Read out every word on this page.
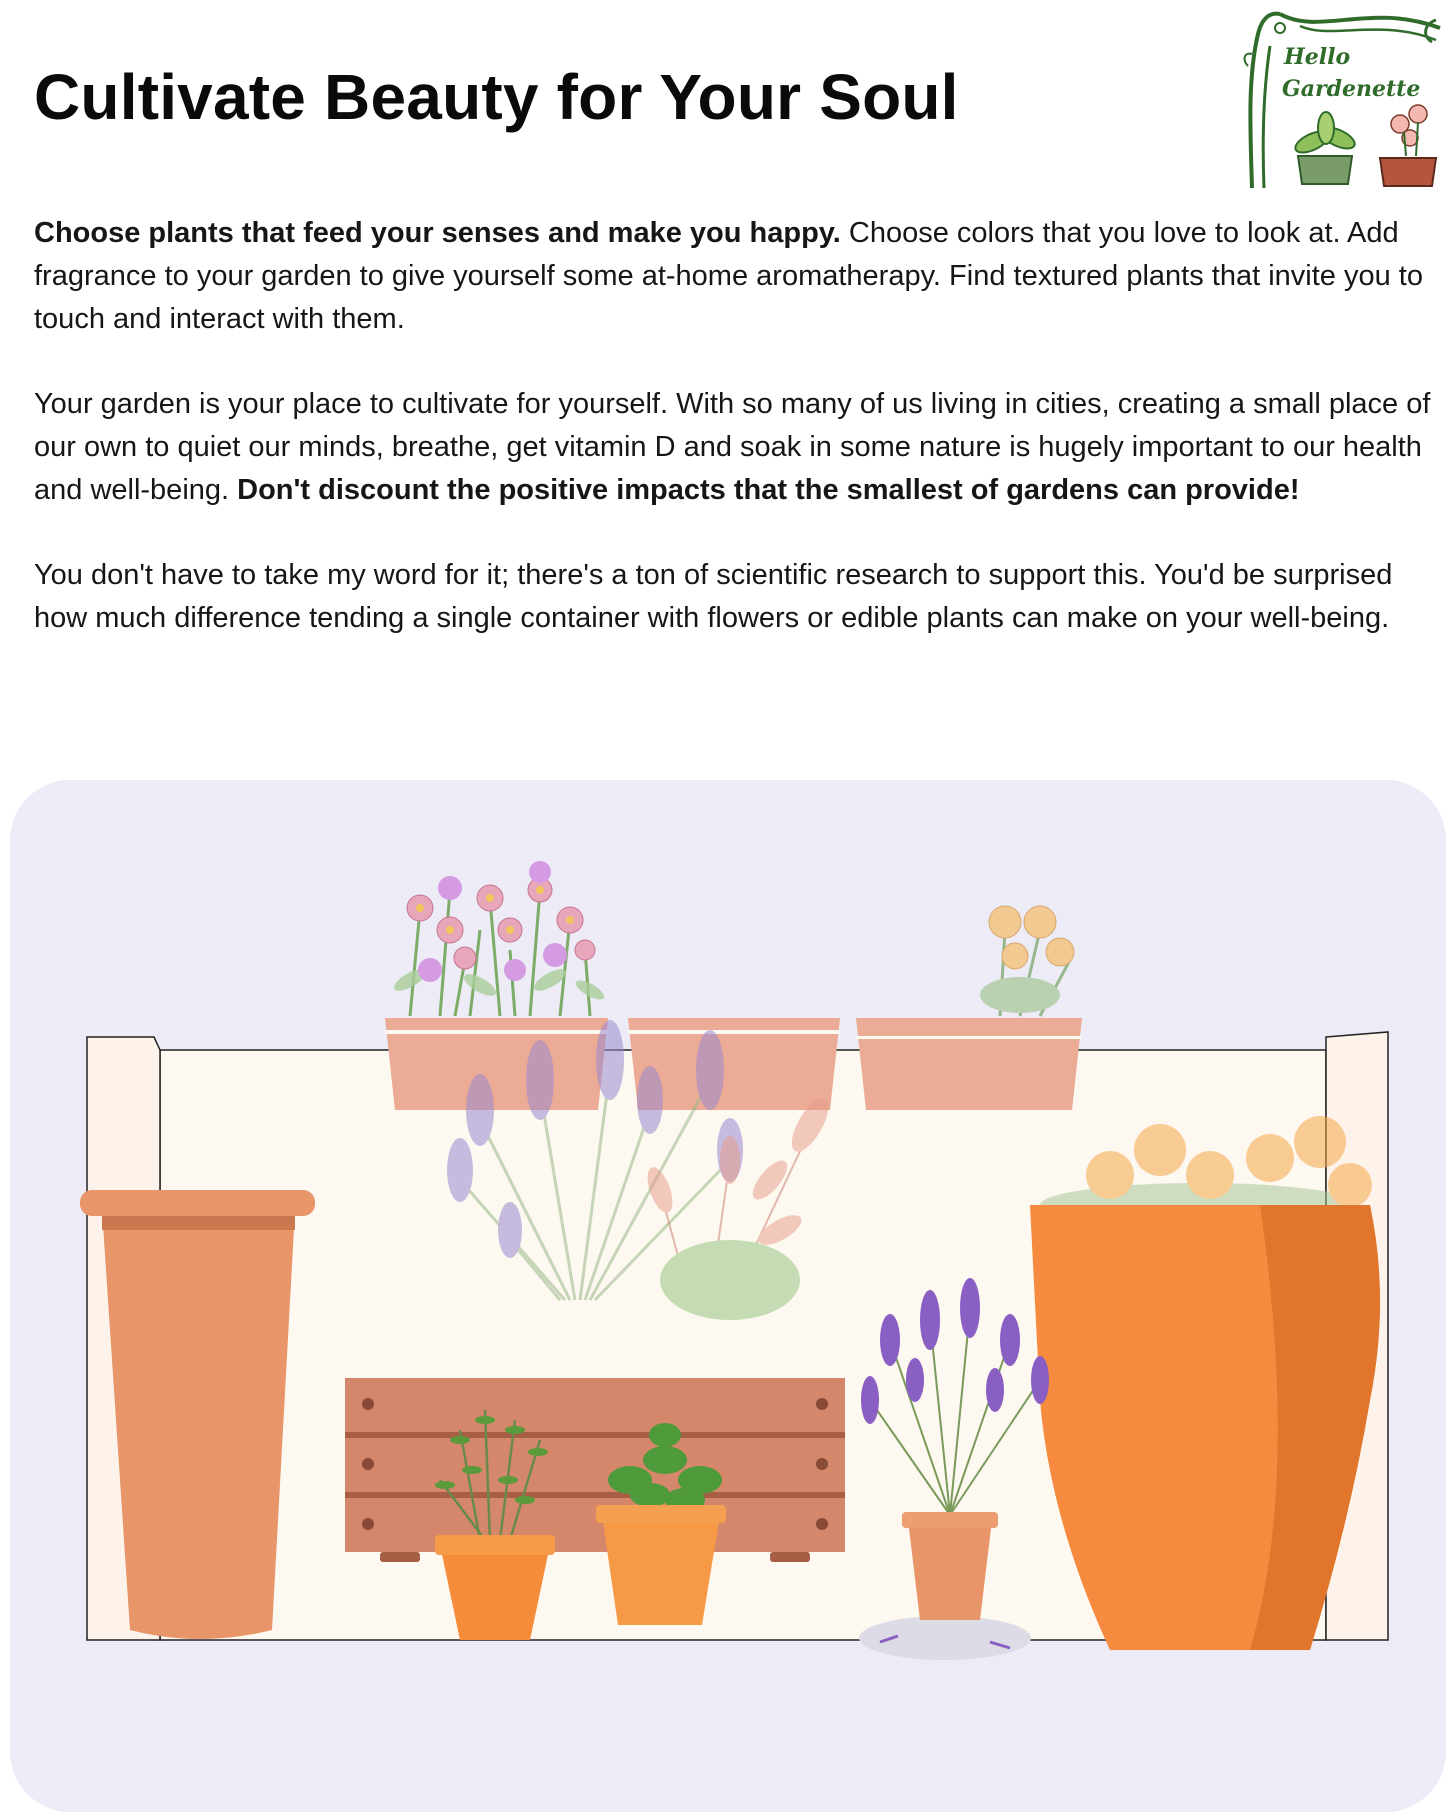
Cultivate Beauty for Your Soul
Hello
Gardenette

Choose plants that feed your senses and make you happy. Choose colors that you love to look at. Add fragrance to your garden to give yourself some at-home aromatherapy. Find textured plants that invite you to touch and interact with them.

Your garden is your place to cultivate for yourself. With so many of us living in cities, creating a small place of our own to quiet our minds, breathe, get vitamin D and soak in some nature is hugely important to our health and well-being. Don't discount the positive impacts that the smallest of gardens can provide!

You don't have to take my word for it; there's a ton of scientific research to support this. You'd be surprised how much difference tending a single container with flowers or edible plants can make on your well-being.
